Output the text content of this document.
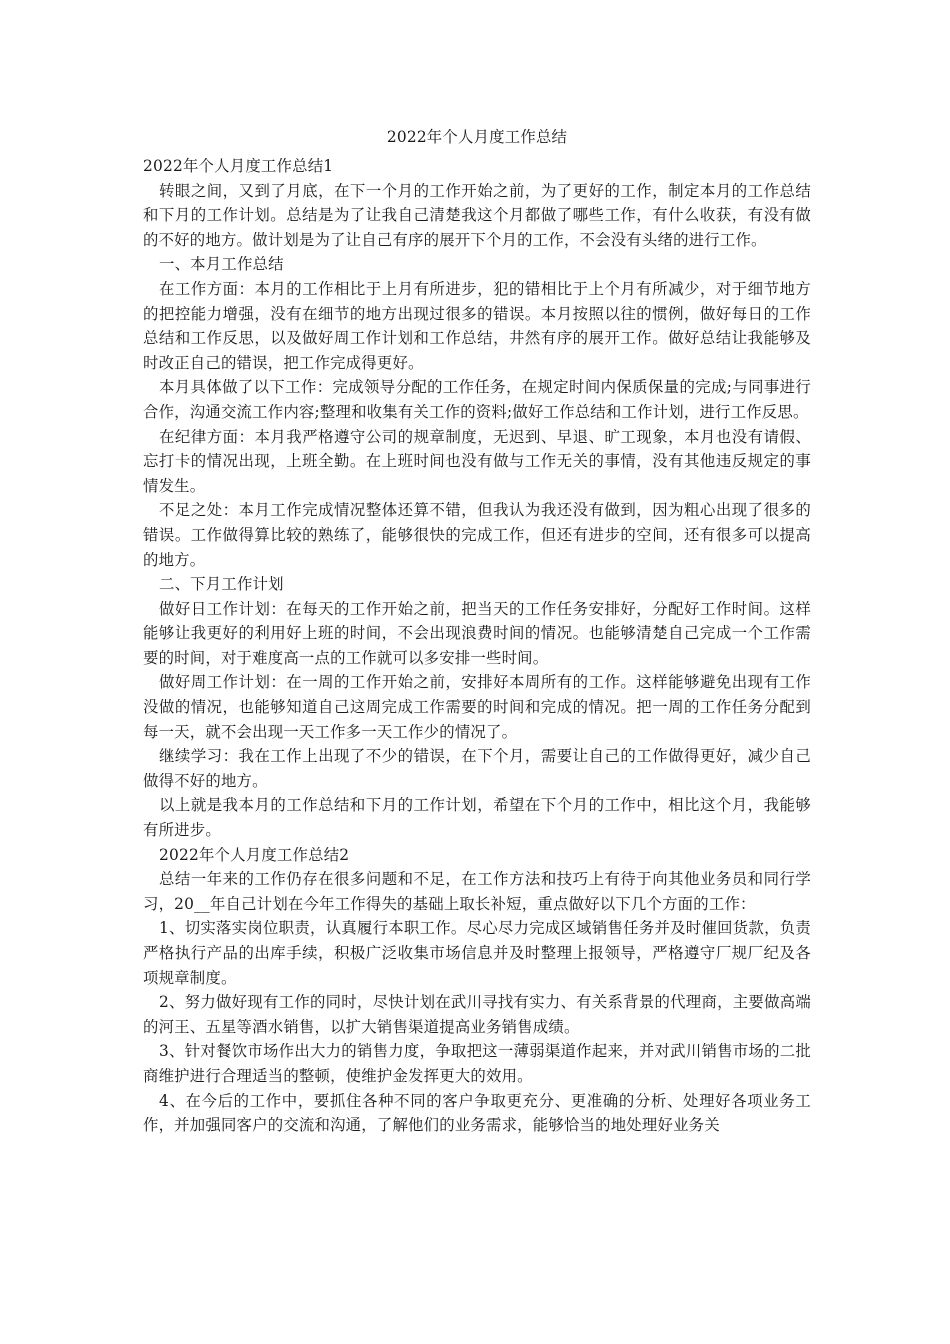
2022年个人月度工作总结

2022年个人月度工作总结1

转眼之间，又到了月底，在下一个月的工作开始之前，为了更好的工作，制定本月的工作总结和下月的工作计划。总结是为了让我自己清楚我这个月都做了哪些工作，有什么收获，有没有做的不好的地方。做计划是为了让自己有序的展开下个月的工作，不会没有头绪的进行工作。

一、本月工作总结

在工作方面：本月的工作相比于上月有所进步，犯的错相比于上个月有所减少，对于细节地方的把控能力增强，没有在细节的地方出现过很多的错误。本月按照以往的惯例，做好每日的工作总结和工作反思，以及做好周工作计划和工作总结，井然有序的展开工作。做好总结让我能够及时改正自己的错误，把工作完成得更好。

本月具体做了以下工作：完成领导分配的工作任务，在规定时间内保质保量的完成;与同事进行合作，沟通交流工作内容;整理和收集有关工作的资料;做好工作总结和工作计划，进行工作反思。

在纪律方面：本月我严格遵守公司的规章制度，无迟到、早退、旷工现象，本月也没有请假、忘打卡的情况出现，上班全勤。在上班时间也没有做与工作无关的事情，没有其他违反规定的事情发生。

不足之处：本月工作完成情况整体还算不错，但我认为我还没有做到，因为粗心出现了很多的错误。工作做得算比较的熟练了，能够很快的完成工作，但还有进步的空间，还有很多可以提高的地方。

二、下月工作计划

做好日工作计划：在每天的工作开始之前，把当天的工作任务安排好，分配好工作时间。这样能够让我更好的利用好上班的时间，不会出现浪费时间的情况。也能够清楚自己完成一个工作需要的时间，对于难度高一点的工作就可以多安排一些时间。

做好周工作计划：在一周的工作开始之前，安排好本周所有的工作。这样能够避免出现有工作没做的情况，也能够知道自己这周完成工作需要的时间和完成的情况。把一周的工作任务分配到每一天，就不会出现一天工作多一天工作少的情况了。

继续学习：我在工作上出现了不少的错误，在下个月，需要让自己的工作做得更好，减少自己做得不好的地方。

以上就是我本月的工作总结和下月的工作计划，希望在下个月的工作中，相比这个月，我能够有所进步。

2022年个人月度工作总结2

总结一年来的工作仍存在很多问题和不足，在工作方法和技巧上有待于向其他业务员和同行学习，20__年自己计划在今年工作得失的基础上取长补短，重点做好以下几个方面的工作：

1、切实落实岗位职责，认真履行本职工作。尽心尽力完成区域销售任务并及时催回货款，负责严格执行产品的出库手续，积极广泛收集市场信息并及时整理上报领导，严格遵守厂规厂纪及各项规章制度。

2、努力做好现有工作的同时，尽快计划在武川寻找有实力、有关系背景的代理商，主要做高端的河王、五星等酒水销售，以扩大销售渠道提高业务销售成绩。

3、针对餐饮市场作出大力的销售力度，争取把这一薄弱渠道作起来，并对武川销售市场的二批商维护进行合理适当的整顿，使维护金发挥更大的效用。

4、在今后的工作中，要抓住各种不同的客户争取更充分、更准确的分析、处理好各项业务工作，并加强同客户的交流和沟通，了解他们的业务需求，能够恰当的地处理好业务关
